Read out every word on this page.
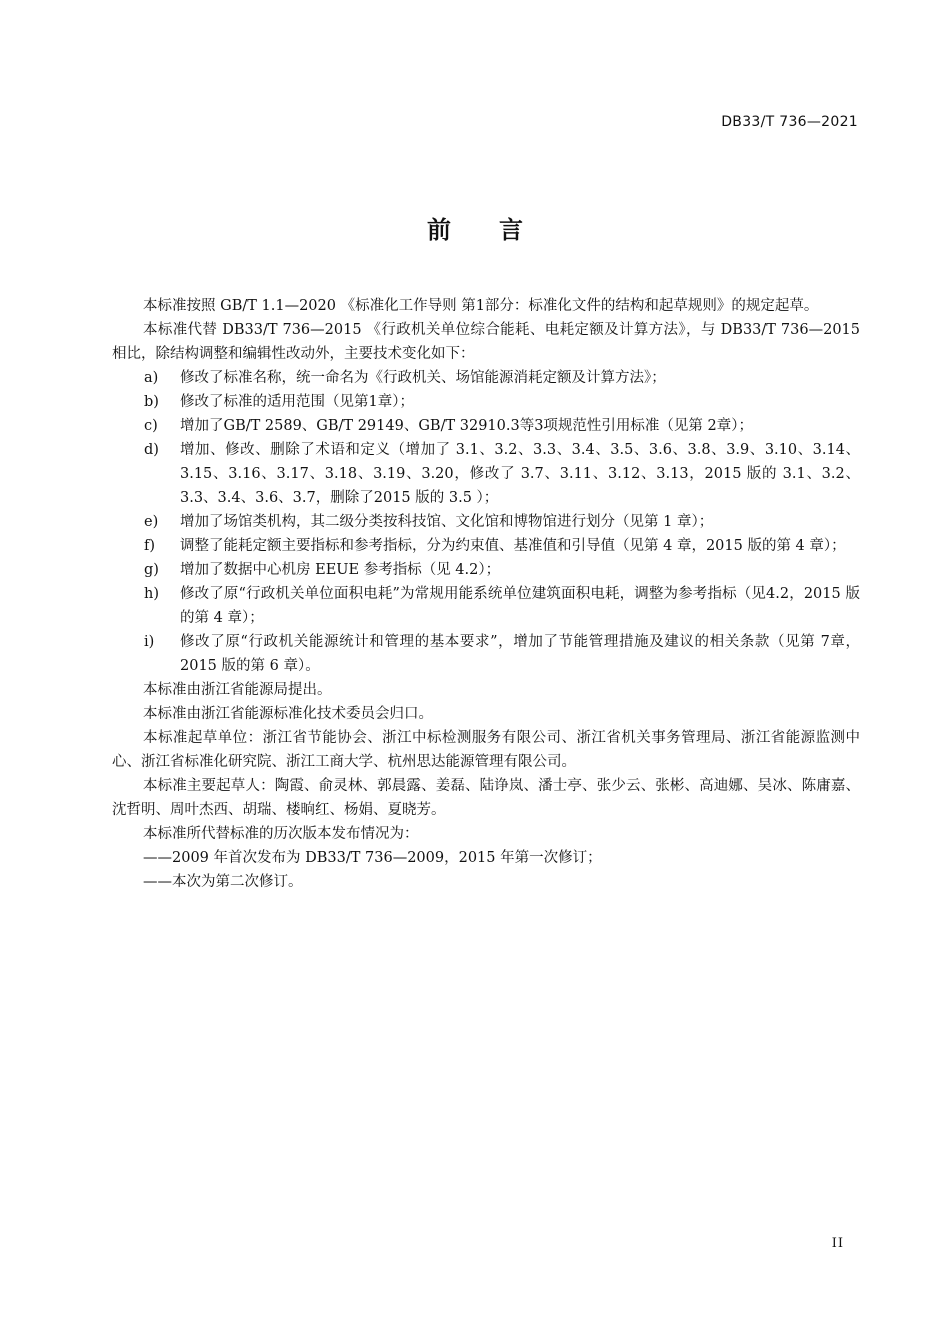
DB33/T 736—2021
前 言

本标准按照 GB/T 1.1—2020 《标准化工作导则 第1部分：标准化文件的结构和起草规则》的规定起草。

本标准代替 DB33/T 736—2015 《行政机关单位综合能耗、电耗定额及计算方法》，与 DB33/T 736—2015 相比，除结构调整和编辑性改动外，主要技术变化如下：

a)	修改了标准名称，统一命名为《行政机关、场馆能源消耗定额及计算方法》；
b)	修改了标准的适用范围（见第1章）；
c)	增加了GB/T 2589、GB/T 29149、GB/T 32910.3等3项规范性引用标准（见第 2章）；
d)	增加、修改、删除了术语和定义（增加了 3.1、3.2、3.3、3.4、3.5、3.6、3.8、3.9、3.10、3.14、3.15、3.16、3.17、3.18、3.19、3.20，修改了 3.7、3.11、3.12、3.13，2015 版的 3.1、3.2、3.3、3.4、3.6、3.7，删除了2015 版的 3.5 ）；
e)	增加了场馆类机构，其二级分类按科技馆、文化馆和博物馆进行划分（见第 1 章）；
f)	调整了能耗定额主要指标和参考指标，分为约束值、基准值和引导值（见第 4 章，2015 版的第 4 章）；
g)	增加了数据中心机房 EEUE 参考指标（见 4.2）；
h)	修改了原“行政机关单位面积电耗”为常规用能系统单位建筑面积电耗，调整为参考指标（见4.2，2015 版的第 4 章）；
i)	修改了原“行政机关能源统计和管理的基本要求”，增加了节能管理措施及建议的相关条款（见第 7章，2015 版的第 6 章）。

本标准由浙江省能源局提出。

本标准由浙江省能源标准化技术委员会归口。

本标准起草单位：浙江省节能协会、浙江中标检测服务有限公司、浙江省机关事务管理局、浙江省能源监测中心、浙江省标准化研究院、浙江工商大学、杭州思达能源管理有限公司。

本标准主要起草人：陶霞、俞灵林、郭晨露、姜磊、陆诤岚、潘士亭、张少云、张彬、高迪娜、吴冰、陈庸嘉、沈哲明、周叶杰西、胡瑞、楼晌红、杨娟、夏晓芳。

本标准所代替标准的历次版本发布情况为：

——2009 年首次发布为 DB33/T 736—2009，2015 年第一次修订；

——本次为第二次修订。

II
